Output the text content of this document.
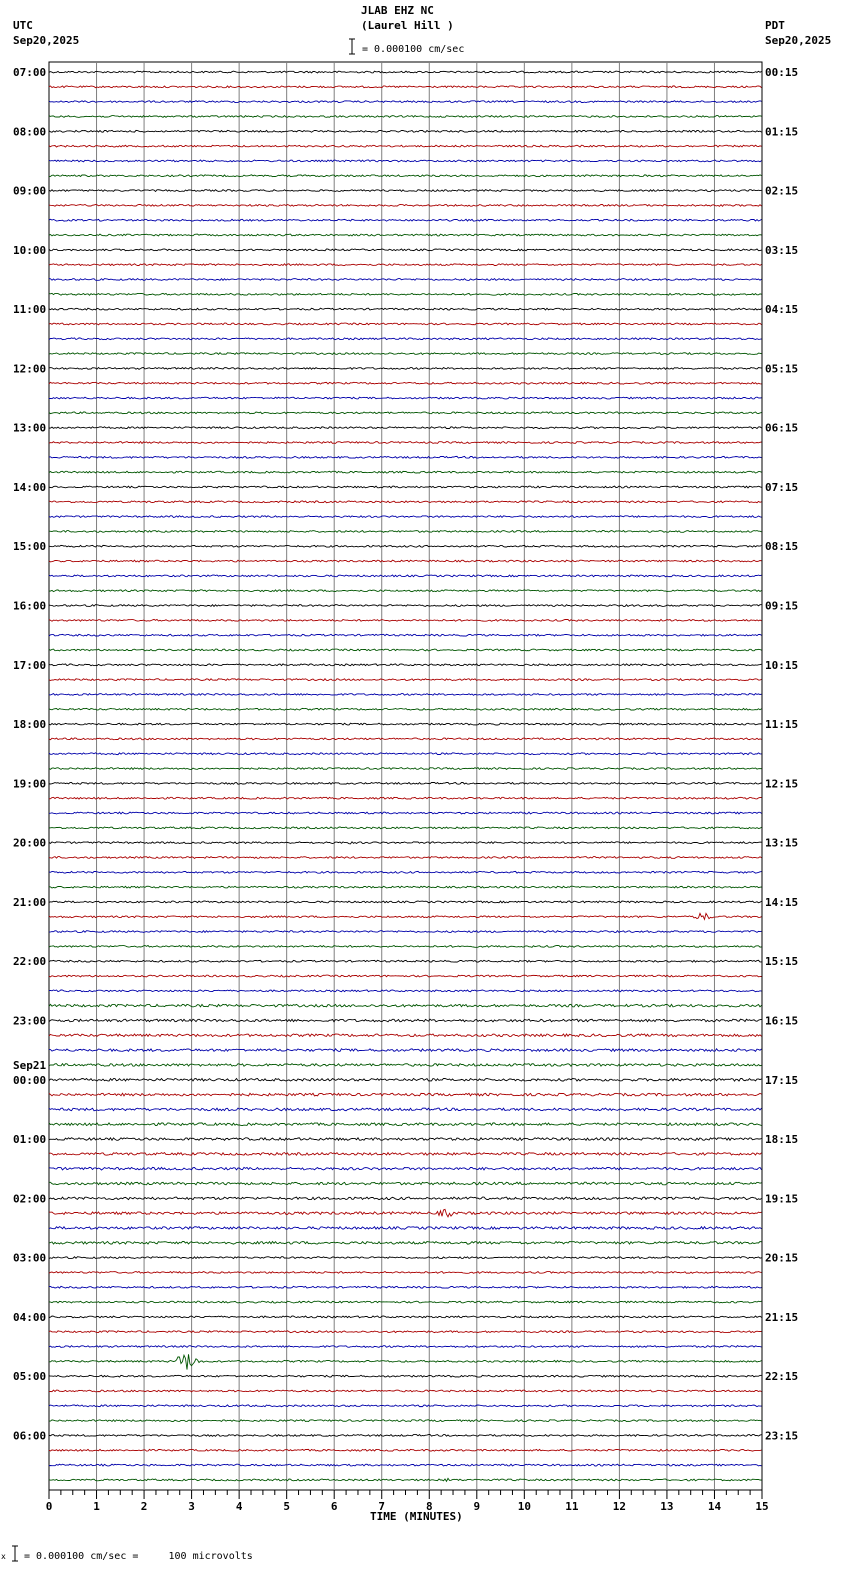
JLAB EHZ NC
(Laurel Hill )
UTC
Sep20,2025
PDT
Sep20,2025
= 0.000100 cm/sec
0	1	2	3	4	5	6	7	8	9	10	11	12	13	14	15
07:00
08:00
09:00
10:00
11:00
12:00
13:00
14:00
15:00
16:00
17:00
18:00
19:00
20:00
21:00
22:00
23:00
00:00
Sep21
01:00
02:00
03:00
04:00
05:00
06:00
00:15
01:15
02:15
03:15
04:15
05:15
06:15
07:15
08:15
09:15
10:15
11:15
12:15
13:15
14:15
15:15
16:15
17:15
18:15
19:15
20:15
21:15
22:15
23:15
TIME (MINUTES)
x = 0.000100 cm/sec =     100 microvolts
